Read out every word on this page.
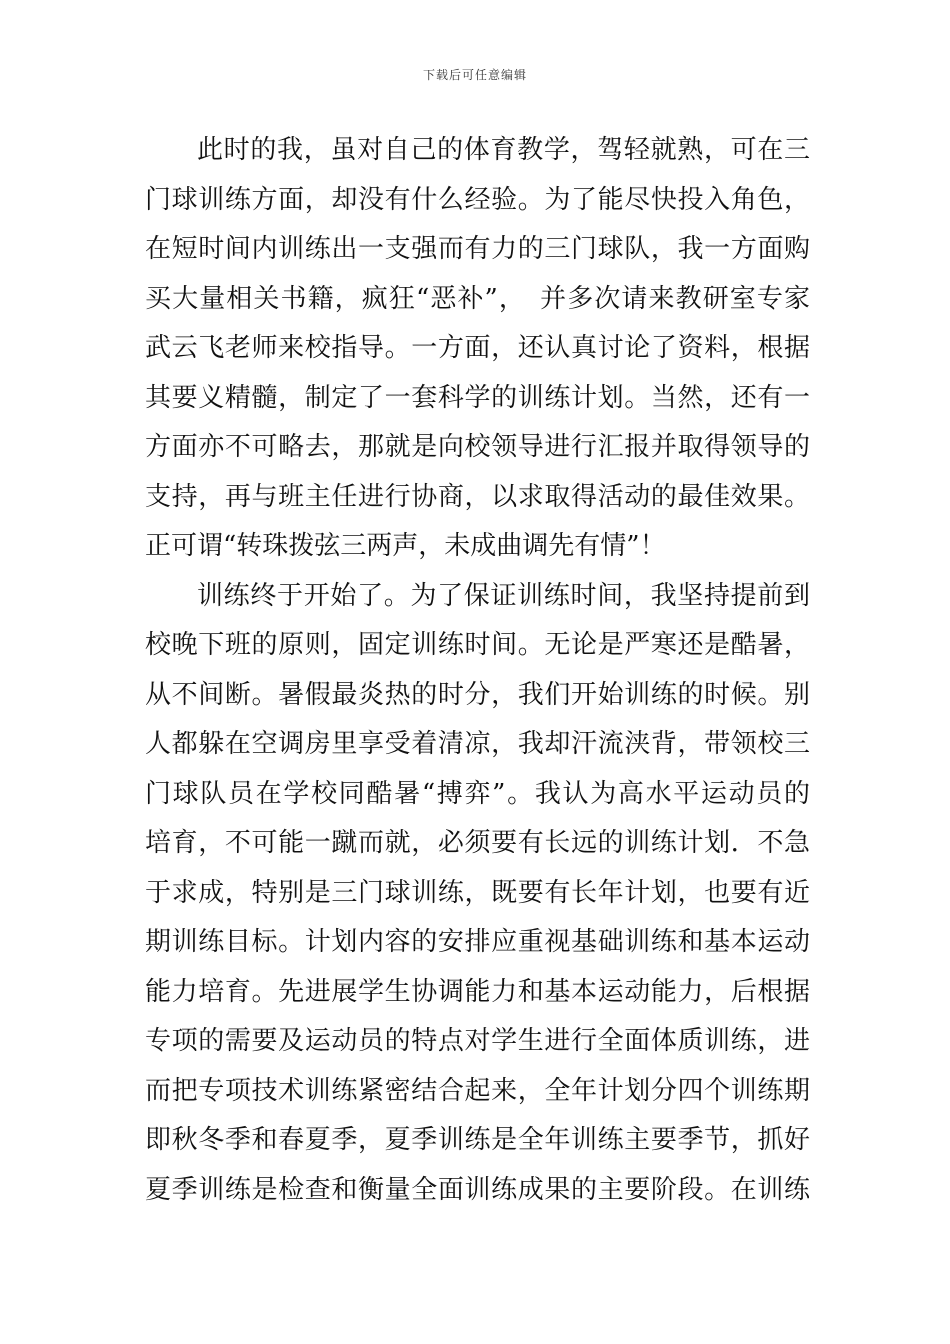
下载后可任意编辑

此时的我，虽对自己的体育教学，驾轻就熟，可在三
门球训练方面，却没有什么经验。为了能尽快投入角色，
在短时间内训练出一支强而有力的三门球队，我一方面购
买大量相关书籍，疯狂“恶补”，　并多次请来教研室专家
武云飞老师来校指导。一方面，还认真讨论了资料，根据
其要义精髓，制定了一套科学的训练计划。当然，还有一
方面亦不可略去，那就是向校领导进行汇报并取得领导的
支持，再与班主任进行协商，以求取得活动的最佳效果。
正可谓“转珠拨弦三两声，未成曲调先有情”！

训练终于开始了。为了保证训练时间，我坚持提前到
校晚下班的原则，固定训练时间。无论是严寒还是酷暑，
从不间断。暑假最炎热的时分，我们开始训练的时候。别
人都躲在空调房里享受着清凉，我却汗流浃背，带领校三
门球队员在学校同酷暑“搏弈”。我认为高水平运动员的
培育，不可能一蹴而就，必须要有长远的训练计划．不急
于求成，特别是三门球训练，既要有长年计划，也要有近
期训练目标。计划内容的安排应重视基础训练和基本运动
能力培育。先进展学生协调能力和基本运动能力，后根据
专项的需要及运动员的特点对学生进行全面体质训练，进
而把专项技术训练紧密结合起来，全年计划分四个训练期
即秋冬季和春夏季，夏季训练是全年训练主要季节，抓好
夏季训练是检查和衡量全面训练成果的主要阶段。在训练
